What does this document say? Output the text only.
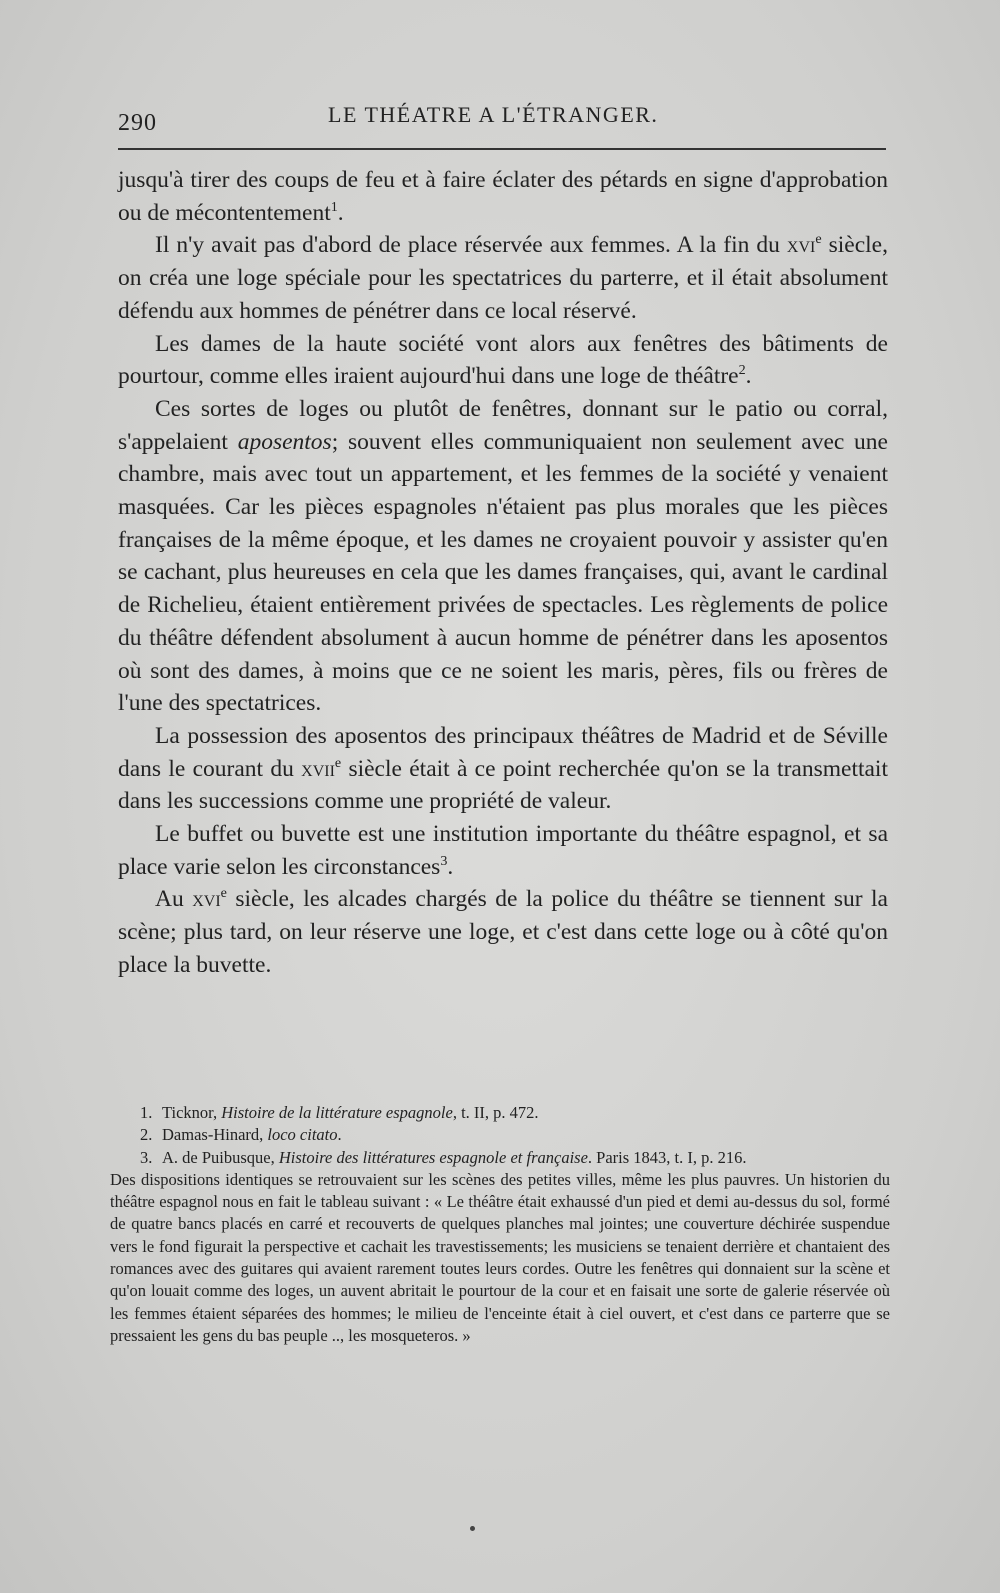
290	LE THÉATRE A L'ÉTRANGER.

jusqu'à tirer des coups de feu et à faire éclater des pétards en signe d'approbation ou de mécontentement$^1$.

Il n'y avait pas d'abord de place réservée aux femmes. A la fin du xvi$^e$ siècle, on créa une loge spéciale pour les spectatrices du parterre, et il était absolument défendu aux hommes de pénétrer dans ce local réservé.

Les dames de la haute société vont alors aux fenêtres des bâtiments de pourtour, comme elles iraient aujourd'hui dans une loge de théâtre$^2$.

Ces sortes de loges ou plutôt de fenêtres, donnant sur le patio ou corral, s'appelaient aposentos; souvent elles communiquaient non seulement avec une chambre, mais avec tout un appartement, et les femmes de la société y venaient masquées. Car les pièces espagnoles n'étaient pas plus morales que les pièces françaises de la même époque, et les dames ne croyaient pouvoir y assister qu'en se cachant, plus heureuses en cela que les dames françaises, qui, avant le cardinal de Richelieu, étaient entièrement privées de spectacles. Les règlements de police du théâtre défendent absolument à aucun homme de pénétrer dans les aposentos où sont des dames, à moins que ce ne soient les maris, pères, fils ou frères de l'une des spectatrices.

La possession des aposentos des principaux théâtres de Madrid et de Séville dans le courant du xvii$^e$ siècle était à ce point recherchée qu'on se la transmettait dans les successions comme une propriété de valeur.

Le buffet ou buvette est une institution importante du théâtre espagnol, et sa place varie selon les circonstances$^3$.

Au xvi$^e$ siècle, les alcades chargés de la police du théâtre se tiennent sur la scène; plus tard, on leur réserve une loge, et c'est dans cette loge ou à côté qu'on place la buvette.

1. Ticknor, Histoire de la littérature espagnole, t. II, p. 472.

2. Damas-Hinard, loco citato.

3. A. de Puibusque, Histoire des littératures espagnole et française. Paris 1843, t. I, p. 216.

Des dispositions identiques se retrouvaient sur les scènes des petites villes, même les plus pauvres. Un historien du théâtre espagnol nous en fait le tableau suivant : « Le théâtre était exhaussé d'un pied et demi au-dessus du sol, formé de quatre bancs placés en carré et recouverts de quelques planches mal jointes; une couverture déchirée suspendue vers le fond figurait la perspective et cachait les travestissements; les musiciens se tenaient derrière et chantaient des romances avec des guitares qui avaient rarement toutes leurs cordes. Outre les fenêtres qui donnaient sur la scène et qu'on louait comme des loges, un auvent abritait le pourtour de la cour et en faisait une sorte de galerie réservée où les femmes étaient séparées des hommes; le milieu de l'enceinte était à ciel ouvert, et c'est dans ce parterre que se pressaient les gens du bas peuple .., les mosqueteros. »
